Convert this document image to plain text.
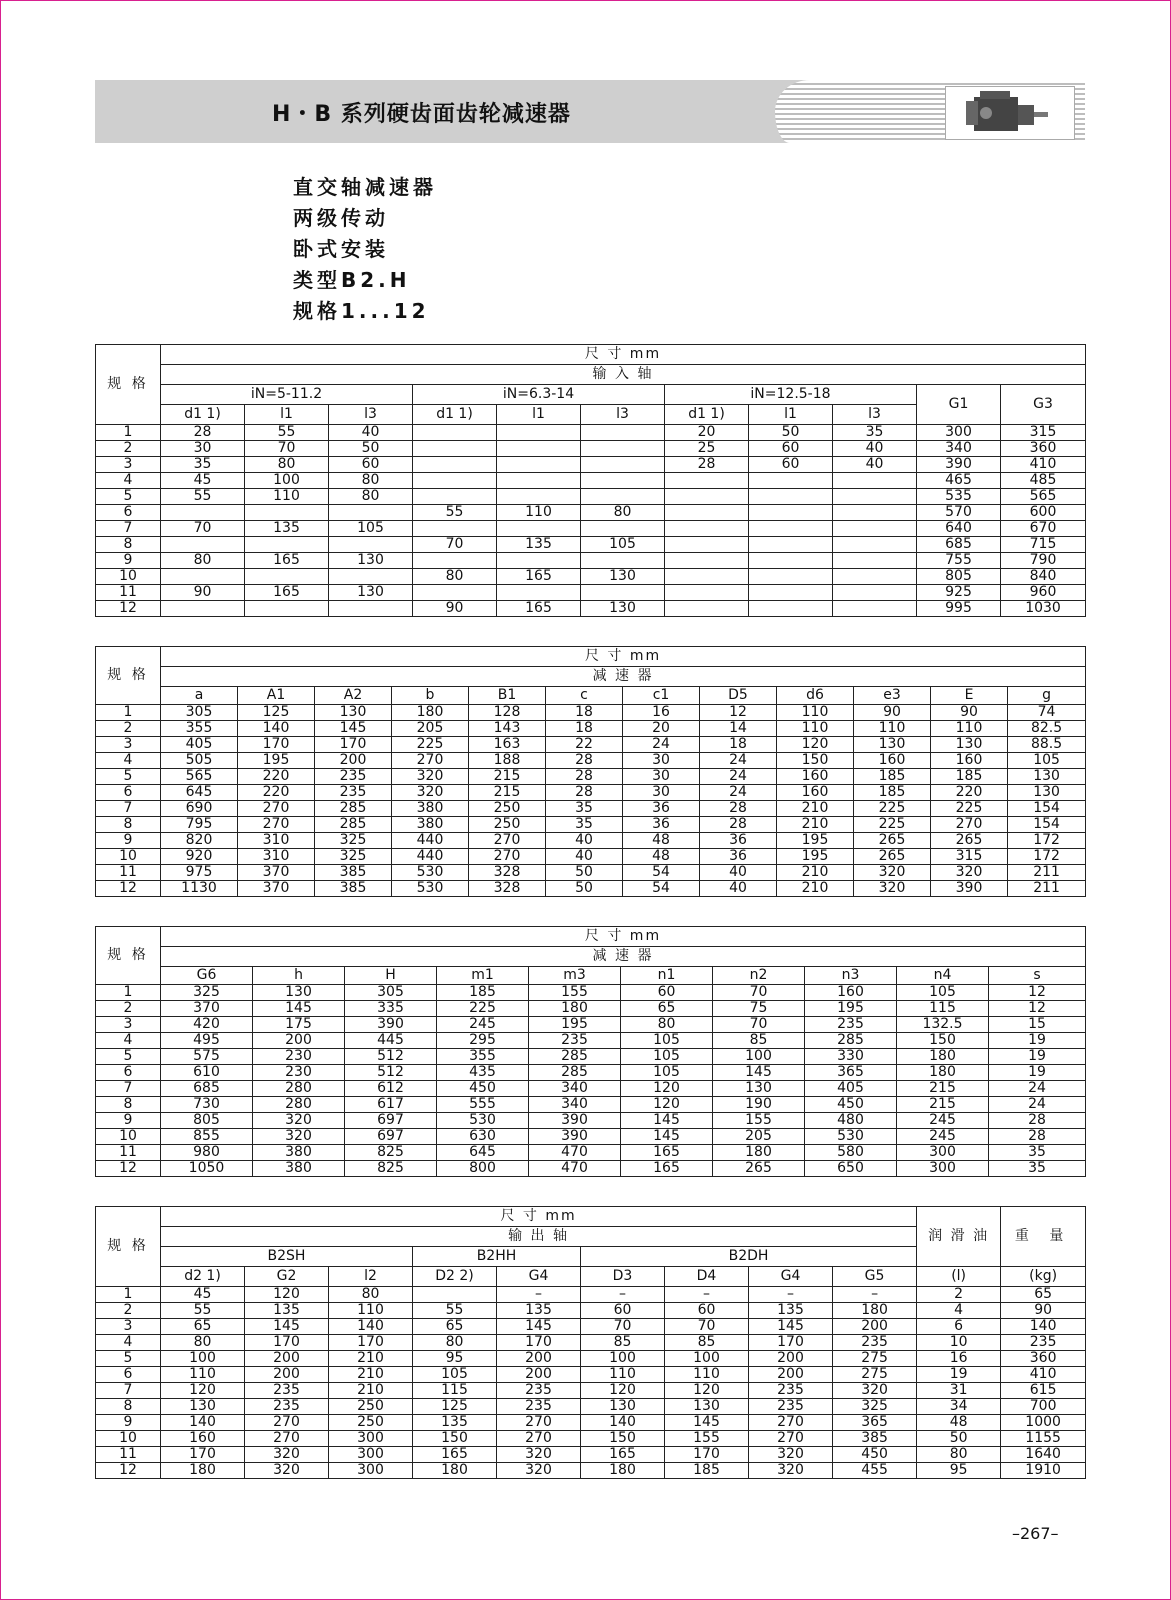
H・B 系列硬齿面齿轮减速器
直交轴减速器
两级传动
卧式安装
类型B2.H
规格1...12
规 格	尺 寸 mm										
	输 入 轴										
	iN=5-11.2			iN=6.3-14			iN=12.5-18			G1	G3
	d1 1)	l1	l3	d1 1)	l1	l3	d1 1)	l1	l3		
1	28	55	40				20	50	35	300	315
2	30	70	50				25	60	40	340	360
3	35	80	60				28	60	40	390	410
4	45	100	80							465	485
5	55	110	80							535	565
6				55	110	80				570	600
7	70	135	105							640	670
8				70	135	105				685	715
9	80	165	130							755	790
10				80	165	130				805	840
11	90	165	130							925	960
12				90	165	130				995	1030
规 格	尺 寸 mm											
	减 速 器											
	a	A1	A2	b	B1	c	c1	D5	d6	e3	E	g
1	305	125	130	180	128	18	16	12	110	90	90	74
2	355	140	145	205	143	18	20	14	110	110	110	82.5
3	405	170	170	225	163	22	24	18	120	130	130	88.5
4	505	195	200	270	188	28	30	24	150	160	160	105
5	565	220	235	320	215	28	30	24	160	185	185	130
6	645	220	235	320	215	28	30	24	160	185	220	130
7	690	270	285	380	250	35	36	28	210	225	225	154
8	795	270	285	380	250	35	36	28	210	225	270	154
9	820	310	325	440	270	40	48	36	195	265	265	172
10	920	310	325	440	270	40	48	36	195	265	315	172
11	975	370	385	530	328	50	54	40	210	320	320	211
12	1130	370	385	530	328	50	54	40	210	320	390	211
规 格	尺 寸 mm									
	减 速 器									
	G6	h	H	m1	m3	n1	n2	n3	n4	s
1	325	130	305	185	155	60	70	160	105	12
2	370	145	335	225	180	65	75	195	115	12
3	420	175	390	245	195	80	70	235	132.5	15
4	495	200	445	295	235	105	85	285	150	19
5	575	230	512	355	285	105	100	330	180	19
6	610	230	512	435	285	105	145	365	180	19
7	685	280	612	450	340	120	130	405	215	24
8	730	280	617	555	340	120	190	450	215	24
9	805	320	697	530	390	145	155	480	245	28
10	855	320	697	630	390	145	205	530	245	28
11	980	380	825	645	470	165	180	580	300	35
12	1050	380	825	800	470	165	265	650	300	35
规 格	尺 寸 mm									润 滑 油	重 量
	输 出 轴										
	B2SH			B2HH		B2DH					
	d2 1)	G2	l2	D2 2)	G4	D3	D4	G4	G5	(l)	(kg)
1	45	120	80		–	–	–	–	–	2	65
2	55	135	110	55	135	60	60	135	180	4	90
3	65	145	140	65	145	70	70	145	200	6	140
4	80	170	170	80	170	85	85	170	235	10	235
5	100	200	210	95	200	100	100	200	275	16	360
6	110	200	210	105	200	110	110	200	275	19	410
7	120	235	210	115	235	120	120	235	320	31	615
8	130	235	250	125	235	130	130	235	325	34	700
9	140	270	250	135	270	140	145	270	365	48	1000
10	160	270	300	150	270	150	155	270	385	50	1155
11	170	320	300	165	320	165	170	320	450	80	1640
12	180	320	300	180	320	180	185	320	455	95	1910
–267–
